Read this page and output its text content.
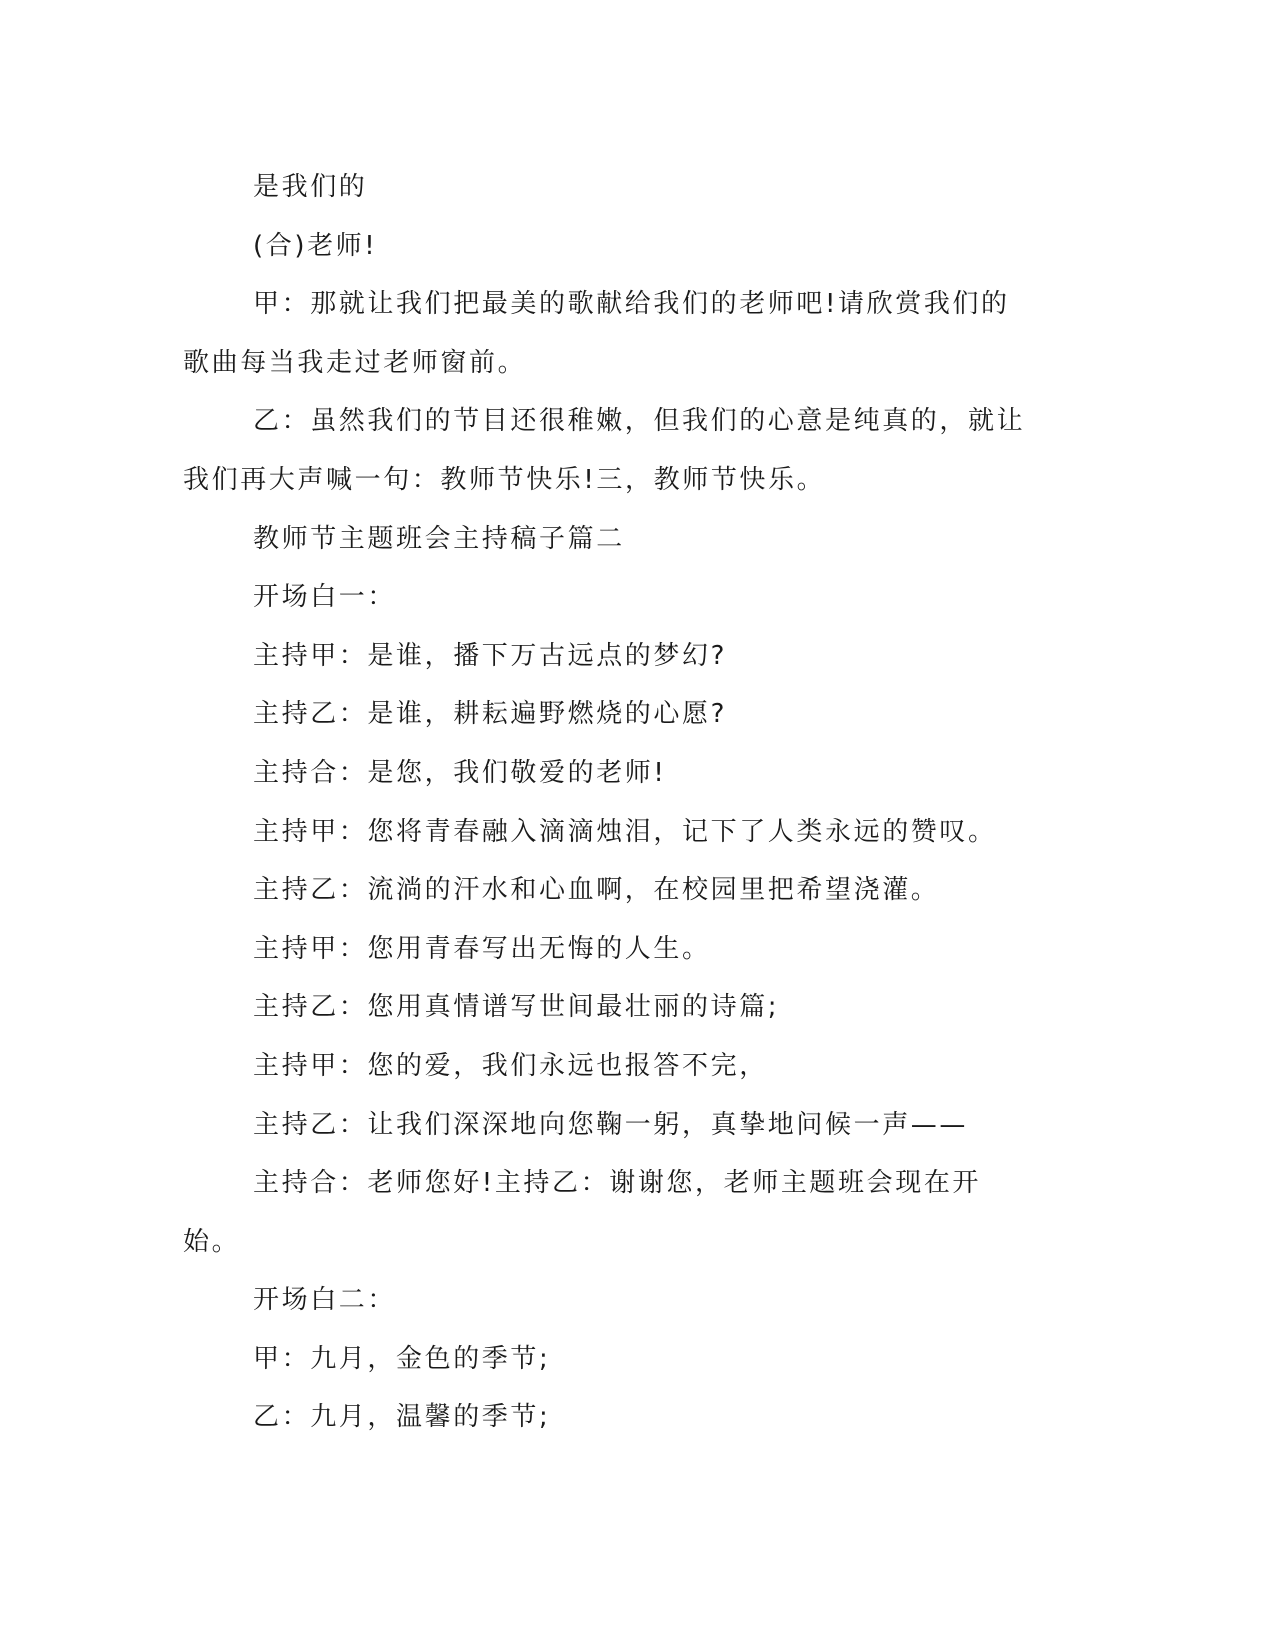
是我们的

(合)老师!

甲：那就让我们把最美的歌献给我们的老师吧!请欣赏我们的歌曲每当我走过老师窗前。

乙：虽然我们的节目还很稚嫩，但我们的心意是纯真的，就让我们再大声喊一句：教师节快乐!三，教师节快乐。

教师节主题班会主持稿子篇二

开场白一：

主持甲：是谁，播下万古远点的梦幻?

主持乙：是谁，耕耘遍野燃烧的心愿?

主持合：是您，我们敬爱的老师!

主持甲：您将青春融入滴滴烛泪，记下了人类永远的赞叹。

主持乙：流淌的汗水和心血啊，在校园里把希望浇灌。

主持甲：您用青春写出无悔的人生。

主持乙：您用真情谱写世间最壮丽的诗篇;

主持甲：您的爱，我们永远也报答不完，

主持乙：让我们深深地向您鞠一躬，真挚地问候一声——

主持合：老师您好!主持乙：谢谢您，老师主题班会现在开始。

开场白二：

甲：九月，金色的季节;

乙：九月，温馨的季节;
